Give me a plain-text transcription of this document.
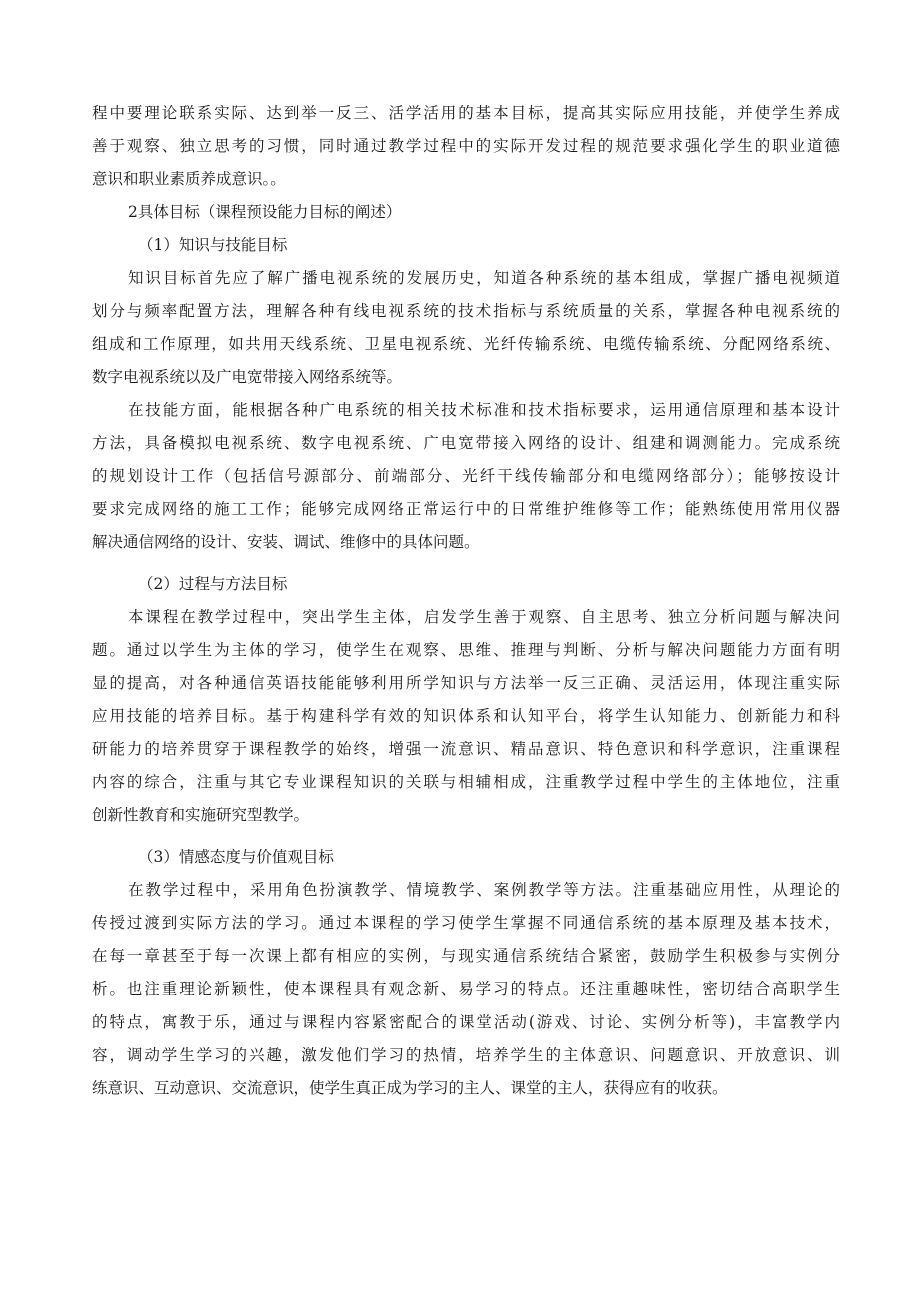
程中要理论联系实际、达到举一反三、活学活用的基本目标，提高其实际应用技能，并使学生养成
善于观察、独立思考的习惯，同时通过教学过程中的实际开发过程的规范要求强化学生的职业道德
意识和职业素质养成意识。。
2具体目标（课程预设能力目标的阐述）
（1）知识与技能目标
知识目标首先应了解广播电视系统的发展历史，知道各种系统的基本组成，掌握广播电视频道
划分与频率配置方法，理解各种有线电视系统的技术指标与系统质量的关系，掌握各种电视系统的
组成和工作原理，如共用天线系统、卫星电视系统、光纤传输系统、电缆传输系统、分配网络系统、
数字电视系统以及广电宽带接入网络系统等。
在技能方面，能根据各种广电系统的相关技术标准和技术指标要求，运用通信原理和基本设计
方法，具备模拟电视系统、数字电视系统、广电宽带接入网络的设计、组建和调测能力。完成系统
的规划设计工作（包括信号源部分、前端部分、光纤干线传输部分和电缆网络部分）；能够按设计
要求完成网络的施工工作；能够完成网络正常运行中的日常维护维修等工作；能熟练使用常用仪器
解决通信网络的设计、安装、调试、维修中的具体问题。
（2）过程与方法目标
本课程在教学过程中，突出学生主体，启发学生善于观察、自主思考、独立分析问题与解决问
题。通过以学生为主体的学习，使学生在观察、思维、推理与判断、分析与解决问题能力方面有明
显的提高，对各种通信英语技能能够利用所学知识与方法举一反三正确、灵活运用，体现注重实际
应用技能的培养目标。基于构建科学有效的知识体系和认知平台，将学生认知能力、创新能力和科
研能力的培养贯穿于课程教学的始终，增强一流意识、精品意识、特色意识和科学意识，注重课程
内容的综合，注重与其它专业课程知识的关联与相辅相成，注重教学过程中学生的主体地位，注重
创新性教育和实施研究型教学。
（3）情感态度与价值观目标
在教学过程中，采用角色扮演教学、情境教学、案例教学等方法。注重基础应用性，从理论的
传授过渡到实际方法的学习。通过本课程的学习使学生掌握不同通信系统的基本原理及基本技术，
在每一章甚至于每一次课上都有相应的实例，与现实通信系统结合紧密，鼓励学生积极参与实例分
析。也注重理论新颖性，使本课程具有观念新、易学习的特点。还注重趣味性，密切结合高职学生
的特点，寓教于乐，通过与课程内容紧密配合的课堂活动(游戏、讨论、实例分析等)，丰富教学内
容，调动学生学习的兴趣，激发他们学习的热情，培养学生的主体意识、问题意识、开放意识、训
练意识、互动意识、交流意识，使学生真正成为学习的主人、课堂的主人，获得应有的收获。
